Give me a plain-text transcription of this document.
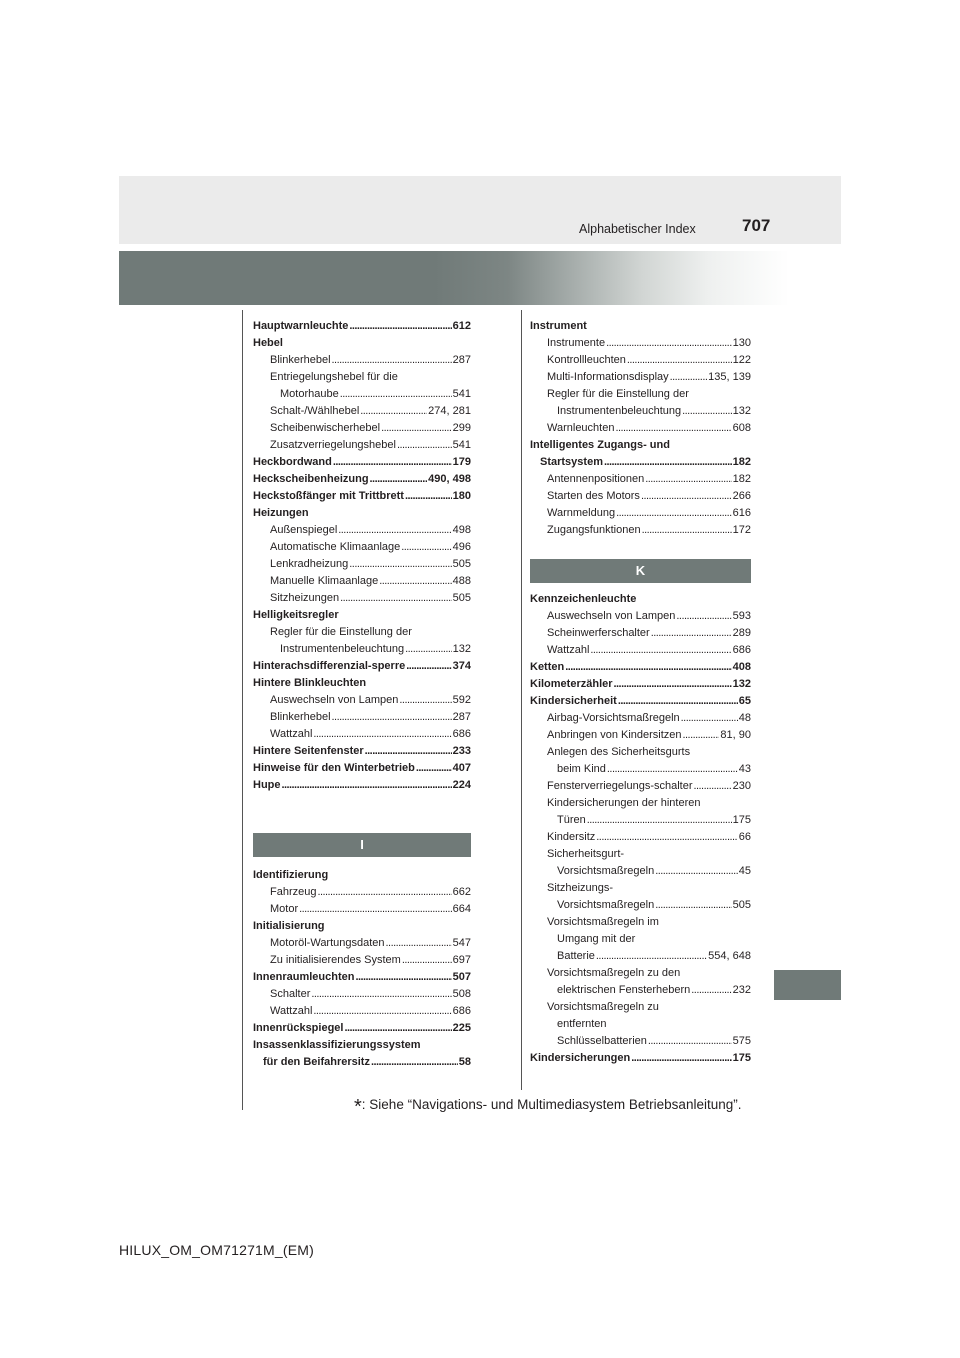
Alphabetischer Index	707
Hauptwarnleuchte . . .	612
Hebel
Blinkerhebel . . .	287
Entriegelungshebel für die
Motorhaube . . .	541
Schalt-/Wählhebel . . .	274, 281
Scheibenwischerhebel . . .	299
Zusatzverriegelungshebel . . .	541
Heckbordwand . . .	179
Heckscheibenheizung . . .	490, 498
Heckstoßfänger mit Trittbrett . . .	180
Heizungen
Außenspiegel . . .	498
Automatische Klimaanlage . . .	496
Lenkradheizung . . .	505
Manuelle Klimaanlage . . .	488
Sitzheizungen . . .	505
Helligkeitsregler
Regler für die Einstellung der
Instrumentenbeleuchtung . . .	132
Hinterachsdifferenzial-sperre . . .	374
Hintere Blinkleuchten
Auswechseln von Lampen . . .	592
Blinkerhebel . . .	287
Wattzahl . . .	686
Hintere Seitenfenster . . .	233
Hinweise für den Winterbetrieb . . .	407
Hupe . . .	224
I
Identifizierung
Fahrzeug . . .	662
Motor . . .	664
Initialisierung
Motoröl-Wartungsdaten . . .	547
Zu initialisierendes System . . .	697
Innenraumleuchten . . .	507
Schalter . . .	508
Wattzahl . . .	686
Innenrückspiegel . . .	225
Insassenklassifizierungssystem
für den Beifahrersitz . . .	58
Instrument
Instrumente . . .	130
Kontrollleuchten . . .	122
Multi-Informationsdisplay . . .	135, 139
Regler für die Einstellung der
Instrumentenbeleuchtung . . .	132
Warnleuchten . . .	608
Intelligentes Zugangs- und
Startsystem . . .	182
Antennenpositionen . . .	182
Starten des Motors . . .	266
Warnmeldung . . .	616
Zugangsfunktionen . . .	172
K
Kennzeichenleuchte
Auswechseln von Lampen . . .	593
Scheinwerferschalter . . .	289
Wattzahl . . .	686
Ketten . . .	408
Kilometerzähler . . .	132
Kindersicherheit . . .	65
Airbag-Vorsichtsmaßregeln . . .	48
Anbringen von Kindersitzen . . .	81, 90
Anlegen des Sicherheitsgurts
beim Kind . . .	43
Fensterverriegelungs-schalter . . .	230
Kindersicherungen der hinteren
Türen . . .	175
Kindersitz . . .	66
Sicherheitsgurt-
Vorsichtsmaßregeln . . .	45
Sitzheizungs-
Vorsichtsmaßregeln . . .	505
Vorsichtsmaßregeln im
Umgang mit der
Batterie . . .	554, 648
Vorsichtsmaßregeln zu den
elektrischen Fensterhebern . . .	232
Vorsichtsmaßregeln zu
entfernten
Schlüsselbatterien . . .	575
Kindersicherungen . . .	175
*: Siehe “Navigations- und Multimediasystem Betriebsanleitung”.
HILUX_OM_OM71271M_(EM)
